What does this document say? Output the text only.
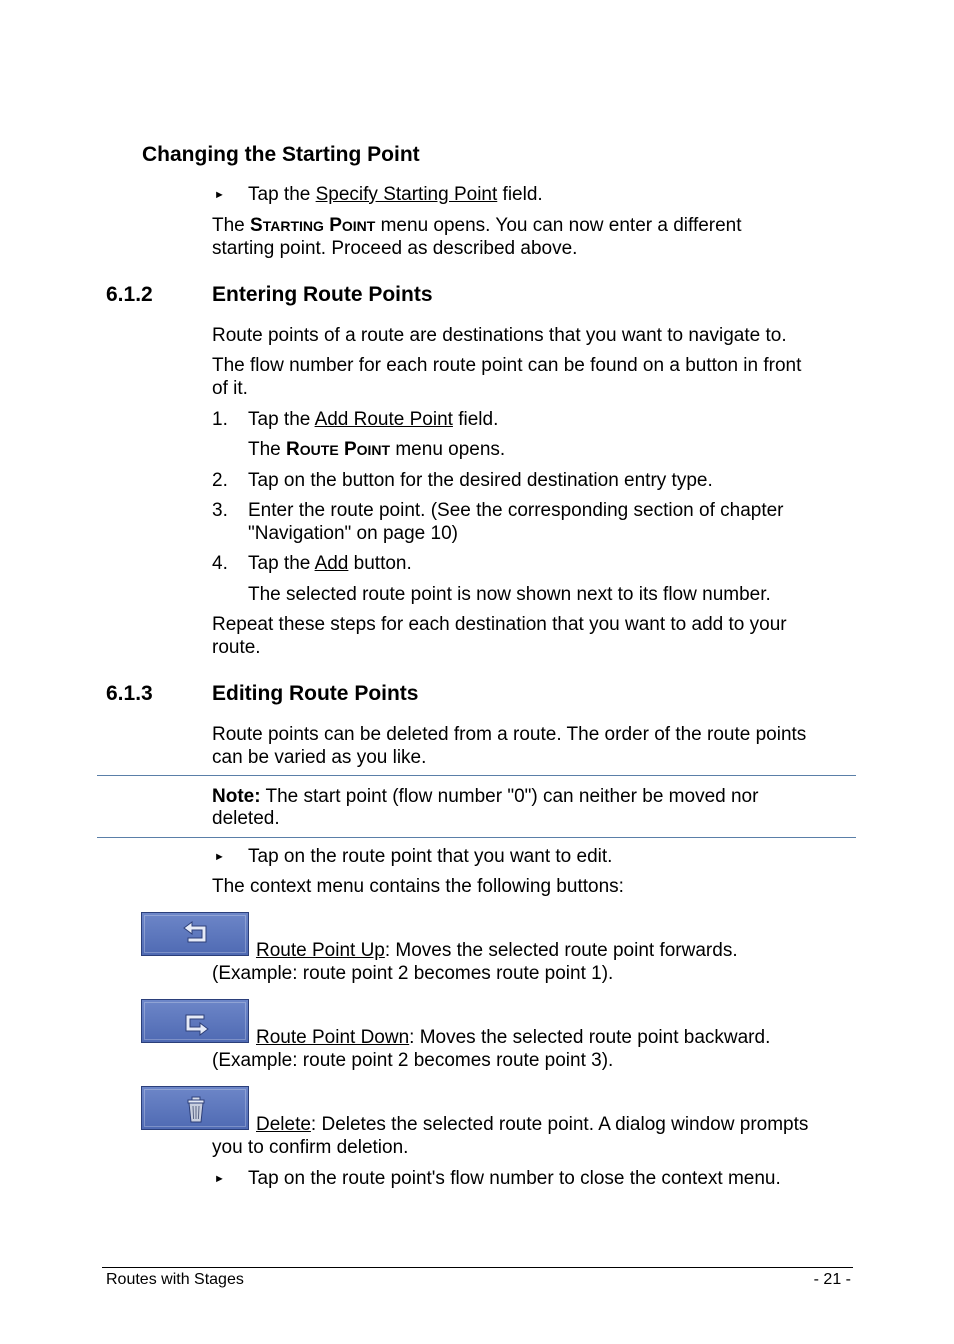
Changing the Starting Point
► Tap the Specify Starting Point field.
The STARTING POINT menu opens. You can now enter a different
starting point. Proceed as described above.
6.1.2	Entering Route Points
Route points of a route are destinations that you want to navigate to.
The flow number for each route point can be found on a button in front
of it.
1. Tap the Add Route Point field.
The ROUTE POINT menu opens.
2. Tap on the button for the desired destination entry type.
3. Enter the route point. (See the corresponding section of chapter
"Navigation" on page 10)
4. Tap the Add button.
The selected route point is now shown next to its flow number.
Repeat these steps for each destination that you want to add to your
route.
6.1.3	Editing Route Points
Route points can be deleted from a route. The order of the route points
can be varied as you like.
Note: The start point (flow number "0") can neither be moved nor
deleted.
► Tap on the route point that you want to edit.
The context menu contains the following buttons:
Route Point Up: Moves the selected route point forwards.
(Example: route point 2 becomes route point 1).
Route Point Down: Moves the selected route point backward.
(Example: route point 2 becomes route point 3).
Delete: Deletes the selected route point. A dialog window prompts
you to confirm deletion.
► Tap on the route point's flow number to close the context menu.
Routes with Stages	- 21 -
